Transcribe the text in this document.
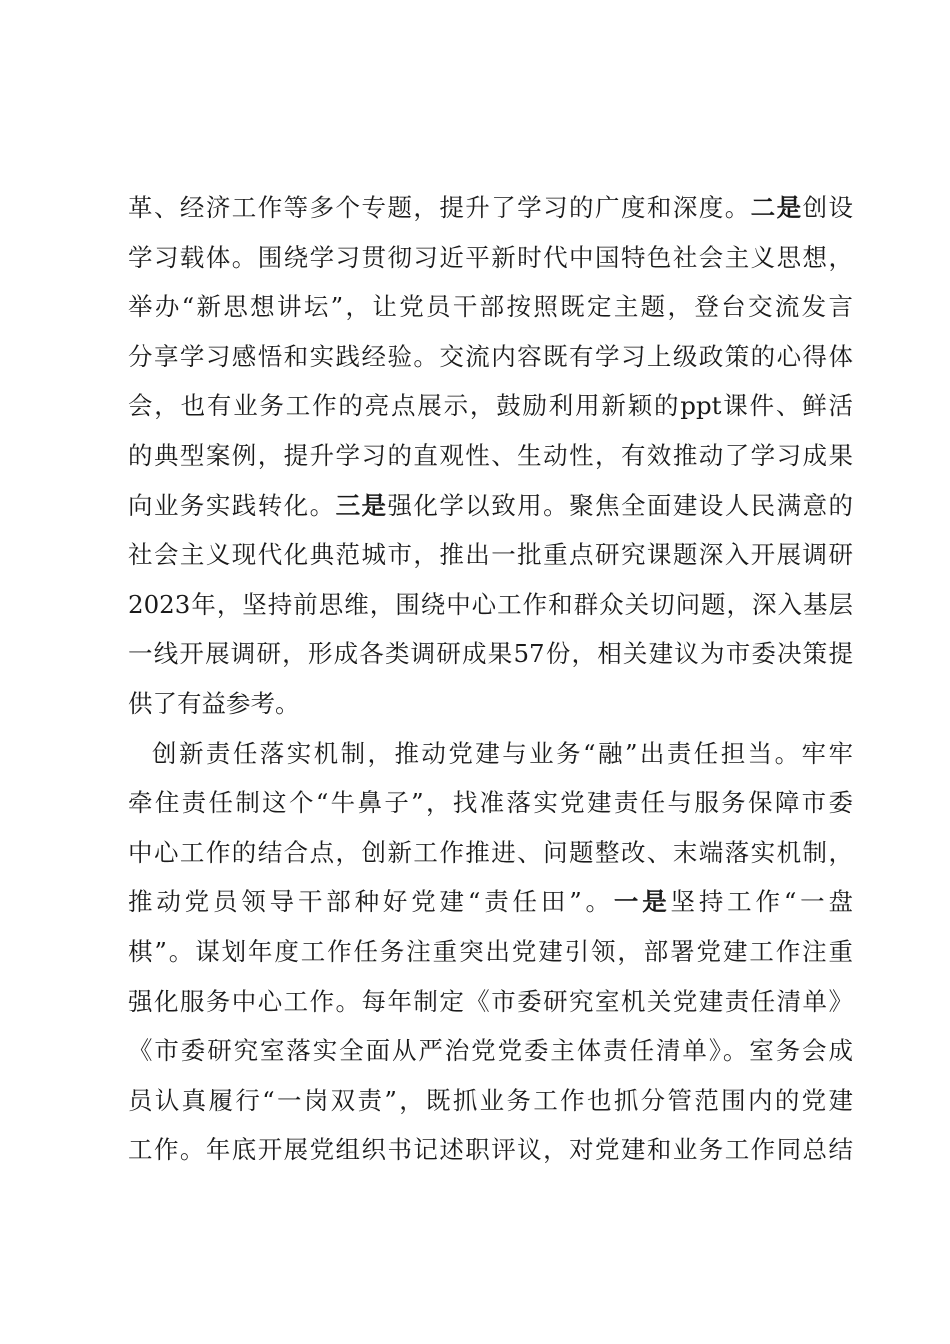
革、经济工作等多个专题，提升了学习的广度和深度。二是创设
学习载体。围绕学习贯彻习近平新时代中国特色社会主义思想，
举办“新思想讲坛”，让党员干部按照既定主题，登台交流发言
分享学习感悟和实践经验。交流内容既有学习上级政策的心得体
会，也有业务工作的亮点展示，鼓励利用新颖的ppt课件、鲜活
的典型案例，提升学习的直观性、生动性，有效推动了学习成果
向业务实践转化。三是强化学以致用。聚焦全面建设人民满意的
社会主义现代化典范城市，推出一批重点研究课题深入开展调研
2023年，坚持前思维，围绕中心工作和群众关切问题，深入基层
一线开展调研，形成各类调研成果57份，相关建议为市委决策提
供了有益参考。
创新责任落实机制，推动党建与业务“融”出责任担当。牢牢
牵住责任制这个“牛鼻子”，找准落实党建责任与服务保障市委
中心工作的结合点，创新工作推进、问题整改、末端落实机制，
推动党员领导干部种好党建“责任田”。一是坚持工作“一盘
棋”。谋划年度工作任务注重突出党建引领，部署党建工作注重
强化服务中心工作。每年制定《市委研究室机关党建责任清单》
《市委研究室落实全面从严治党党委主体责任清单》。室务会成
员认真履行“一岗双责”，既抓业务工作也抓分管范围内的党建
工作。年底开展党组织书记述职评议，对党建和业务工作同总结
